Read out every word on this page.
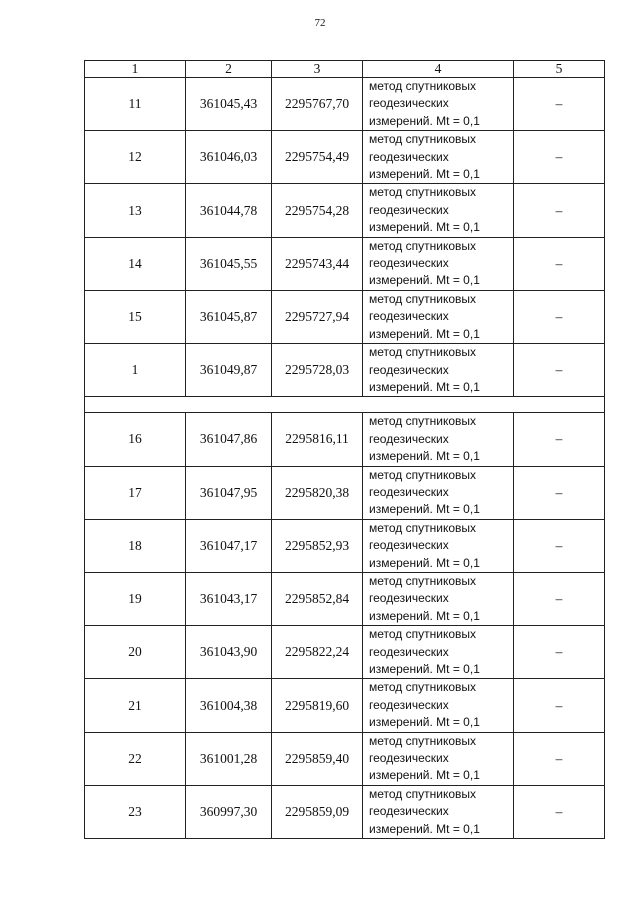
72
1	2	3	4	5
11	361045,43	2295767,70	метод спутниковых
геодезических
измерений. Mt = 0,1	–
12	361046,03	2295754,49	метод спутниковых
геодезических
измерений. Mt = 0,1	–
13	361044,78	2295754,28	метод спутниковых
геодезических
измерений. Mt = 0,1	–
14	361045,55	2295743,44	метод спутниковых
геодезических
измерений. Mt = 0,1	–
15	361045,87	2295727,94	метод спутниковых
геодезических
измерений. Mt = 0,1	–
1	361049,87	2295728,03	метод спутниковых
геодезических
измерений. Mt = 0,1	–

16	361047,86	2295816,11	метод спутниковых
геодезических
измерений. Mt = 0,1	–
17	361047,95	2295820,38	метод спутниковых
геодезических
измерений. Mt = 0,1	–
18	361047,17	2295852,93	метод спутниковых
геодезических
измерений. Mt = 0,1	–
19	361043,17	2295852,84	метод спутниковых
геодезических
измерений. Mt = 0,1	–
20	361043,90	2295822,24	метод спутниковых
геодезических
измерений. Mt = 0,1	–
21	361004,38	2295819,60	метод спутниковых
геодезических
измерений. Mt = 0,1	–
22	361001,28	2295859,40	метод спутниковых
геодезических
измерений. Mt = 0,1	–
23	360997,30	2295859,09	метод спутниковых
геодезических
измерений. Mt = 0,1	–
